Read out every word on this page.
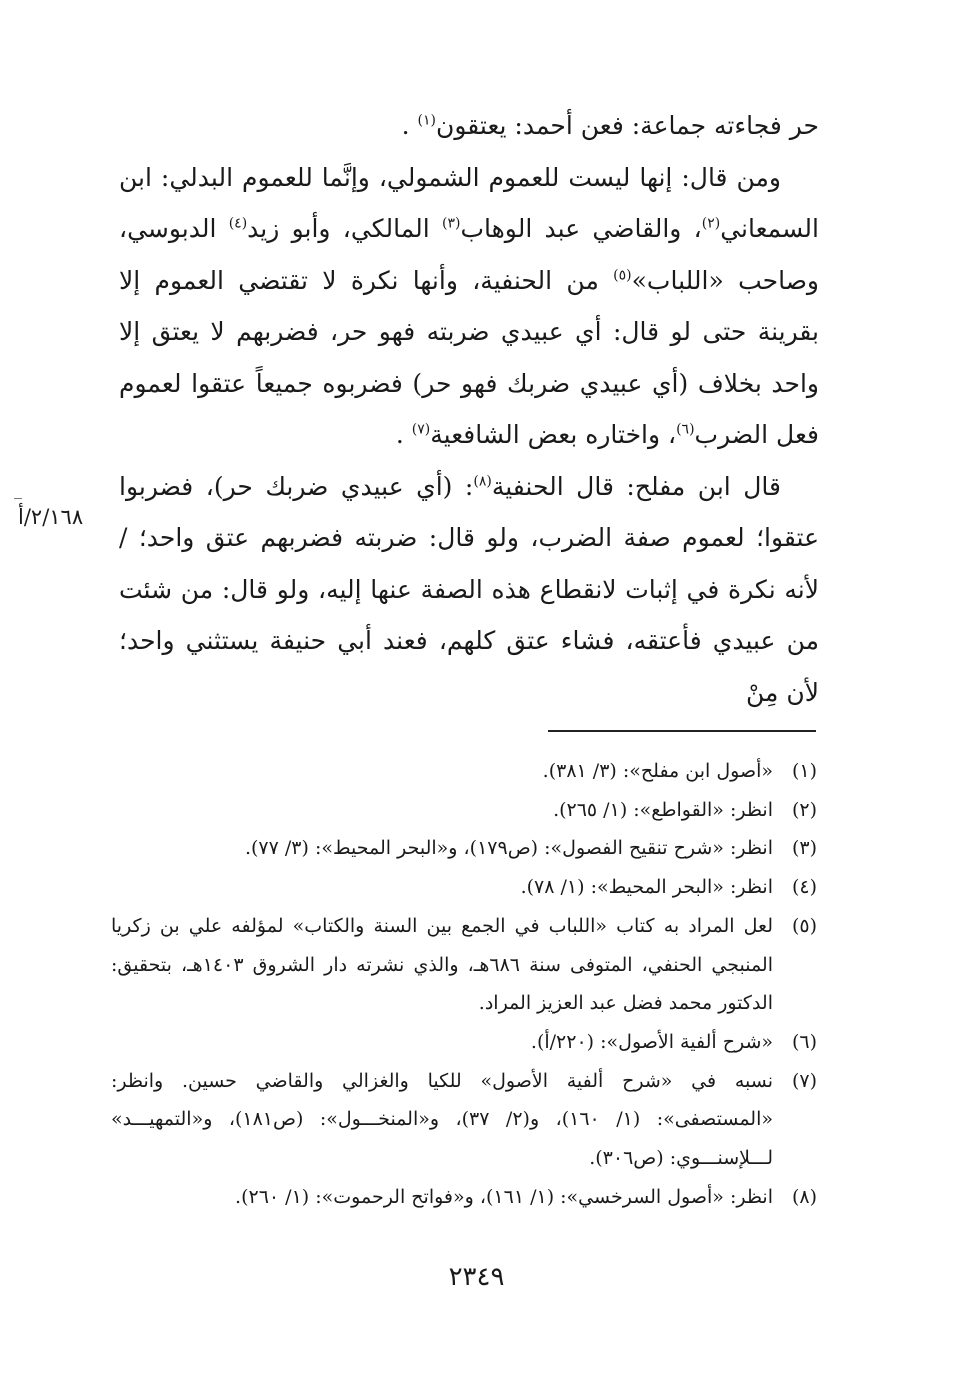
حر فجاءته جماعة: فعن أحمد: يعتقون$^{(١)}$ .

ومن قال: إنها ليست للعموم الشمولي، وإنَّما للعموم البدلي: ابن السمعاني$^{(٢)}$، والقاضي عبد الوهاب$^{(٣)}$ المالكي، وأبو زيد$^{(٤)}$ الدبوسي، وصاحب «اللباب»$^{(٥)}$ من الحنفية، وأنها نكرة لا تقتضي العموم إلا بقرينة حتى لو قال: أي عبيدي ضربته فهو حر، فضربهم لا يعتق إلا واحد بخلاف (أي عبيدي ضربك فهو حر) فضربوه جميعاً عتقوا لعموم فعل الضرب$^{(٦)}$، واختاره بعض الشافعية$^{(٧)}$ .

قال ابن مفلح: قال الحنفية$^{(٨)}$: (أي عبيدي ضربك حر)، فضربوا عتقوا؛ لعموم صفة الضرب، ولو قال: ضربته فضربهم عتق واحد؛ / لأنه نكرة في إثبات لانقطاع هذه الصفة عنها إليه، ولو قال: من شئت من عبيدي فأعتقه، فشاء عتق كلهم، فعند أبي حنيفة يستثني واحد؛ لأن مِنْ

٢/١٦٨/أ
(١)
«أصول ابن مفلح»: (٣/ ٣٨١).
(٢)
انظر: «القواطع»: (١/ ٢٦٥).
(٣)
انظر: «شرح تنقيح الفصول»: (ص١٧٩)، و«البحر المحيط»: (٣/ ٧٧).
(٤)
انظر: «البحر المحيط»: (١/ ٧٨).
(٥)
لعل المراد به كتاب «اللباب في الجمع بين السنة والكتاب» لمؤلفه علي بن زكريا المنبجي الحنفي، المتوفى سنة ٦٨٦هـ، والذي نشرته دار الشروق ١٤٠٣هـ، بتحقيق: الدكتور محمد فضل عبد العزيز المراد.
(٦)
«شرح ألفية الأصول»: (٢٢٠/أ).
(٧)
نسبه في «شرح ألفية الأصول» للكيا والغزالي والقاضي حسين. وانظر: «المستصفى»: (١/ ١٦٠)، و(٢/ ٣٧)، و«المنخـــول»: (ص١٨١)، و«التمهيـــد» لـــلإسنـــوي: (ص٣٠٦).
(٨)
انظر: «أصول السرخسي»: (١/ ١٦١)، و«فواتح الرحموت»: (١/ ٢٦٠).
٢٣٤٩
